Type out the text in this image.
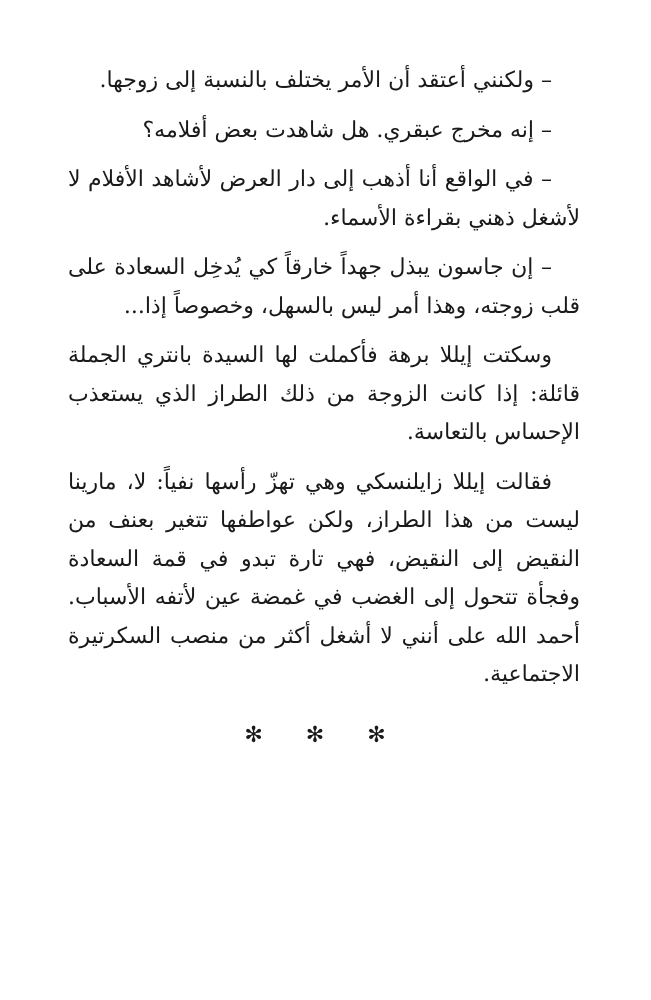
– ولكنني أعتقد أن الأمر يختلف بالنسبة إلى زوجها.

– إنه مخرج عبقري. هل شاهدت بعض أفلامه؟

– في الواقع أنا أذهب إلى دار العرض لأشاهد الأفلام لا لأشغل ذهني بقراءة الأسماء.

– إن جاسون يبذل جهداً خارقاً كي يُدخِل السعادة على قلب زوجته، وهذا أمر ليس بالسهل، وخصوصاً إذا...

وسكتت إيللا برهة فأكملت لها السيدة بانتري الجملة قائلة: إذا كانت الزوجة من ذلك الطراز الذي يستعذب الإحساس بالتعاسة.

فقالت إيللا زايلنسكي وهي تهزّ رأسها نفياً: لا، مارينا ليست من هذا الطراز، ولكن عواطفها تتغير بعنف من النقيض إلى النقيض، فهي تارة تبدو في قمة السعادة وفجأة تتحول إلى الغضب في غمضة عين لأتفه الأسباب. أحمد الله على أنني لا أشغل أكثر من منصب السكرتيرة الاجتماعية.

✻ ✻ ✻
